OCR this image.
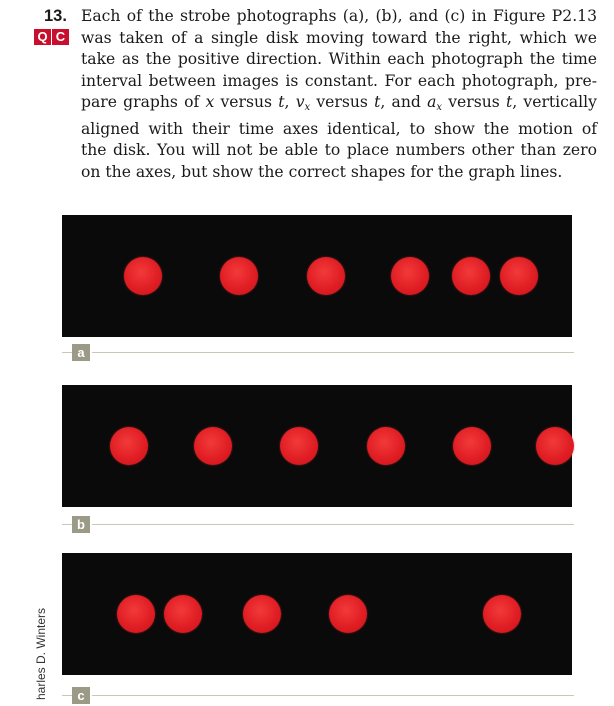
13.
Q C
Each of the strobe photographs (a), (b), and (c) in Figure P2.13
was taken of a single disk moving toward the right, which we
take as the positive direction. Within each photograph the time
interval between images is constant. For each photograph, pre-
pare graphs of x versus t, $v_x$ versus t, and $a_x$ versus t, vertically
aligned with their time axes identical, to show the motion of
the disk. You will not be able to place numbers other than zero
on the axes, but show the correct shapes for the graph lines.
a
b
c
harles D. Winters
